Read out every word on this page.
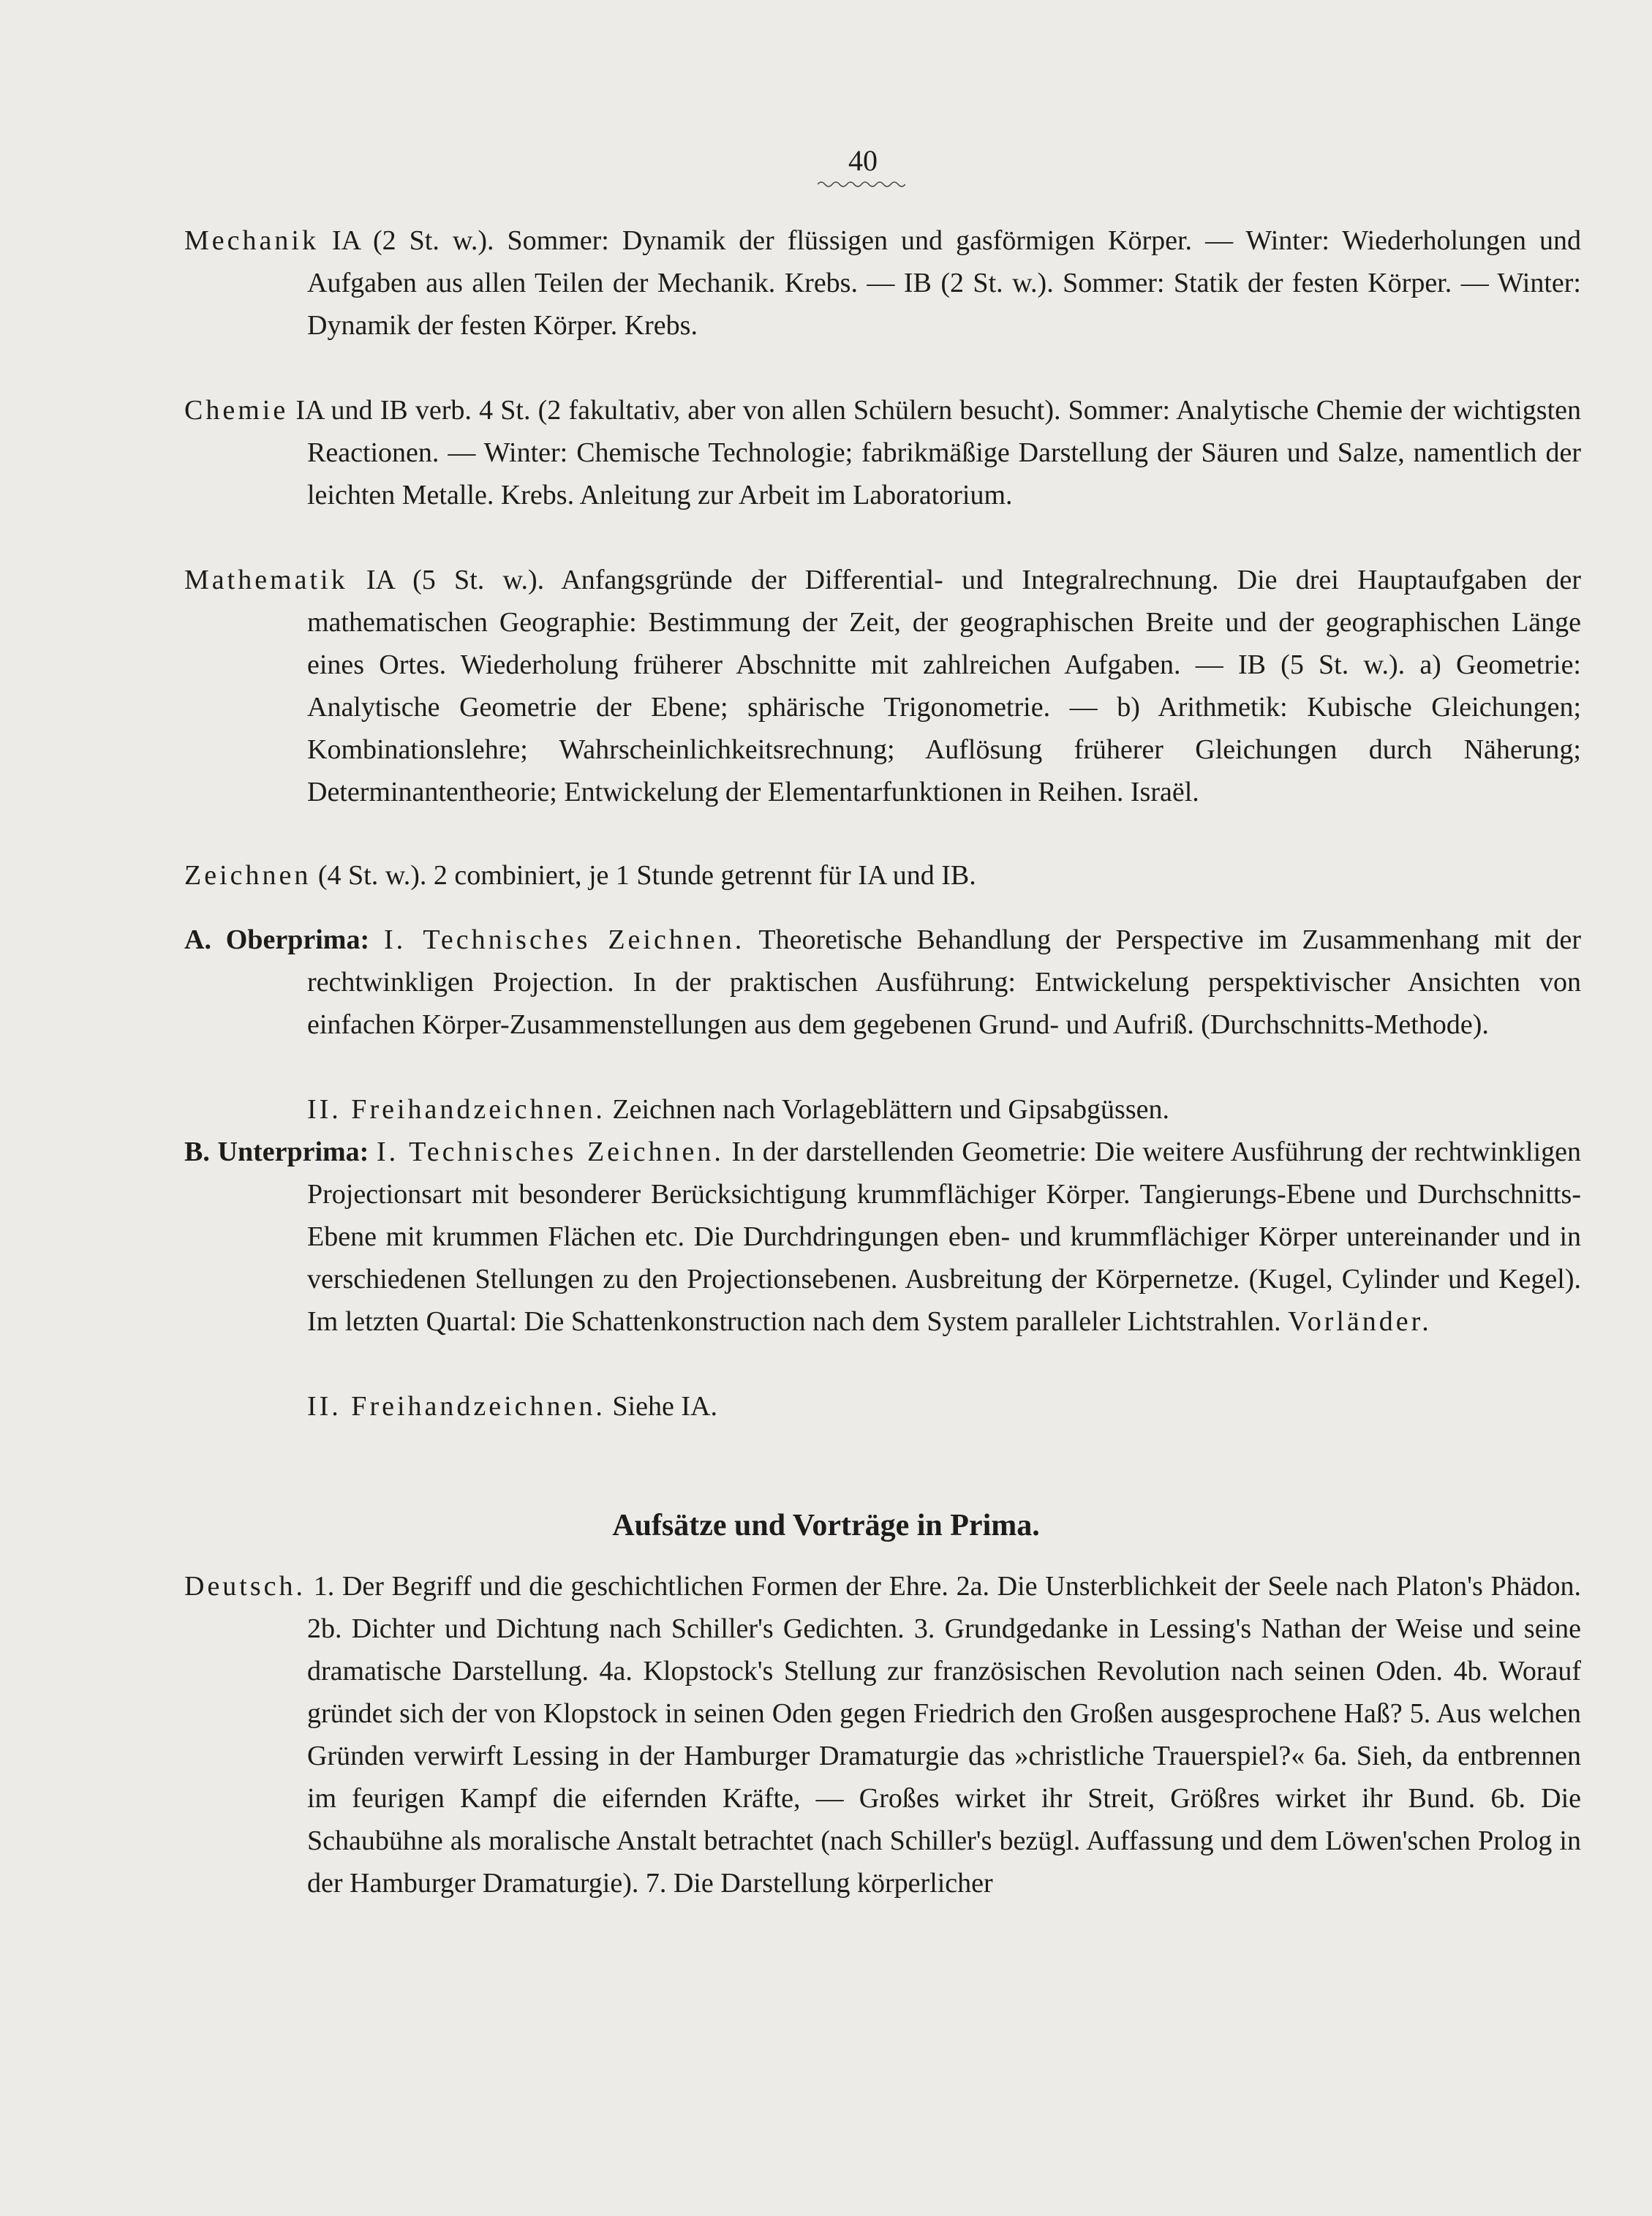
40
Mechanik IA (2 St. w.). Sommer: Dynamik der flüssigen und gasförmigen Körper. — Winter: Wiederholungen und Aufgaben aus allen Teilen der Mechanik. Krebs. — IB (2 St. w.). Sommer: Statik der festen Körper. — Winter: Dynamik der festen Körper. Krebs.
Chemie IA und IB verb. 4 St. (2 fakultativ, aber von allen Schülern besucht). Sommer: Analytische Chemie der wichtigsten Reactionen. — Winter: Chemische Technologie; fabrikmäßige Darstellung der Säuren und Salze, namentlich der leichten Metalle. Krebs. Anleitung zur Arbeit im Laboratorium.
Mathematik IA (5 St. w.). Anfangsgründe der Differential- und Integralrechnung. Die drei Hauptaufgaben der mathematischen Geographie: Bestimmung der Zeit, der geographischen Breite und der geographischen Länge eines Ortes. Wiederholung früherer Abschnitte mit zahlreichen Aufgaben. — IB (5 St. w.). a) Geometrie: Analytische Geometrie der Ebene; sphärische Trigonometrie. — b) Arithmetik: Kubische Gleichungen; Kombinationslehre; Wahrscheinlichkeitsrechnung; Auflösung früherer Gleichungen durch Näherung; Determinantentheorie; Entwickelung der Elementarfunktionen in Reihen. Israël.
Zeichnen (4 St. w.). 2 combiniert, je 1 Stunde getrennt für IA und IB.
A. Oberprima: I. Technisches Zeichnen. Theoretische Behandlung der Perspective im Zusammenhang mit der rechtwinkligen Projection. In der praktischen Ausführung: Entwickelung perspektivischer Ansichten von einfachen Körper-Zusammenstellungen aus dem gegebenen Grund- und Aufriß. (Durchschnitts-Methode).
II. Freihandzeichnen. Zeichnen nach Vorlageblättern und Gipsabgüssen.
B. Unterprima: I. Technisches Zeichnen. In der darstellenden Geometrie: Die weitere Ausführung der rechtwinkligen Projectionsart mit besonderer Berücksichtigung krummflächiger Körper. Tangierungs-Ebene und Durchschnitts-Ebene mit krummen Flächen etc. Die Durchdringungen eben- und krummflächiger Körper untereinander und in verschiedenen Stellungen zu den Projectionsebenen. Ausbreitung der Körpernetze. (Kugel, Cylinder und Kegel). Im letzten Quartal: Die Schattenkonstruction nach dem System paralleler Lichtstrahlen. Vorländer.
II. Freihandzeichnen. Siehe IA.
Aufsätze und Vorträge in Prima.
Deutsch. 1. Der Begriff und die geschichtlichen Formen der Ehre. 2a. Die Unsterblichkeit der Seele nach Platon's Phädon. 2b. Dichter und Dichtung nach Schiller's Gedichten. 3. Grundgedanke in Lessing's Nathan der Weise und seine dramatische Darstellung. 4a. Klopstock's Stellung zur französischen Revolution nach seinen Oden. 4b. Worauf gründet sich der von Klopstock in seinen Oden gegen Friedrich den Großen ausgesprochene Haß? 5. Aus welchen Gründen verwirft Lessing in der Hamburger Dramaturgie das »christliche Trauerspiel?« 6a. Sieh, da entbrennen im feurigen Kampf die eifernden Kräfte, — Großes wirket ihr Streit, Größres wirket ihr Bund. 6b. Die Schaubühne als moralische Anstalt betrachtet (nach Schiller's bezügl. Auffassung und dem Löwen'schen Prolog in der Hamburger Dramaturgie). 7. Die Darstellung körperlicher
